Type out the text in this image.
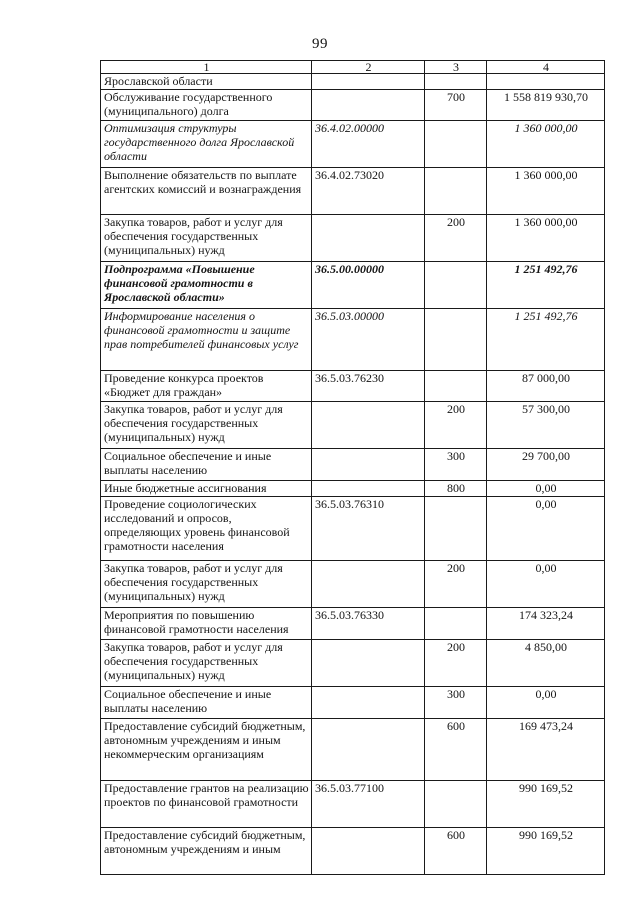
99
1	2	3	4
Ярославской области			
Обслуживание государственного (муниципального) долга		700	1 558 819 930,70
Оптимизация структуры государственного долга Ярославской области	36.4.02.00000		1 360 000,00
Выполнение обязательств по выплате агентских комиссий и вознаграждения	36.4.02.73020		1 360 000,00
Закупка товаров, работ и услуг для обеспечения государственных (муниципальных) нужд		200	1 360 000,00
Подпрограмма «Повышение финансовой грамотности в Ярославской области»	36.5.00.00000		1 251 492,76
Информирование населения о финансовой грамотности и защите прав потребителей финансовых услуг	36.5.03.00000		1 251 492,76
Проведение конкурса проектов «Бюджет для граждан»	36.5.03.76230		87 000,00
Закупка товаров, работ и услуг для обеспечения государственных (муниципальных) нужд		200	57 300,00
Социальное обеспечение и иные выплаты населению		300	29 700,00
Иные бюджетные ассигнования		800	0,00
Проведение социологических исследований и опросов, определяющих уровень финансовой грамотности населения	36.5.03.76310		0,00
Закупка товаров, работ и услуг для обеспечения государственных (муниципальных) нужд		200	0,00
Мероприятия по повышению финансовой грамотности населения	36.5.03.76330		174 323,24
Закупка товаров, работ и услуг для обеспечения государственных (муниципальных) нужд		200	4 850,00
Социальное обеспечение и иные выплаты населению		300	0,00
Предоставление субсидий бюджетным, автономным учреждениям и иным некоммерческим организациям		600	169 473,24
Предоставление грантов на реализацию проектов по финансовой грамотности	36.5.03.77100		990 169,52
Предоставление субсидий бюджетным, автономным учреждениям и иным		600	990 169,52
